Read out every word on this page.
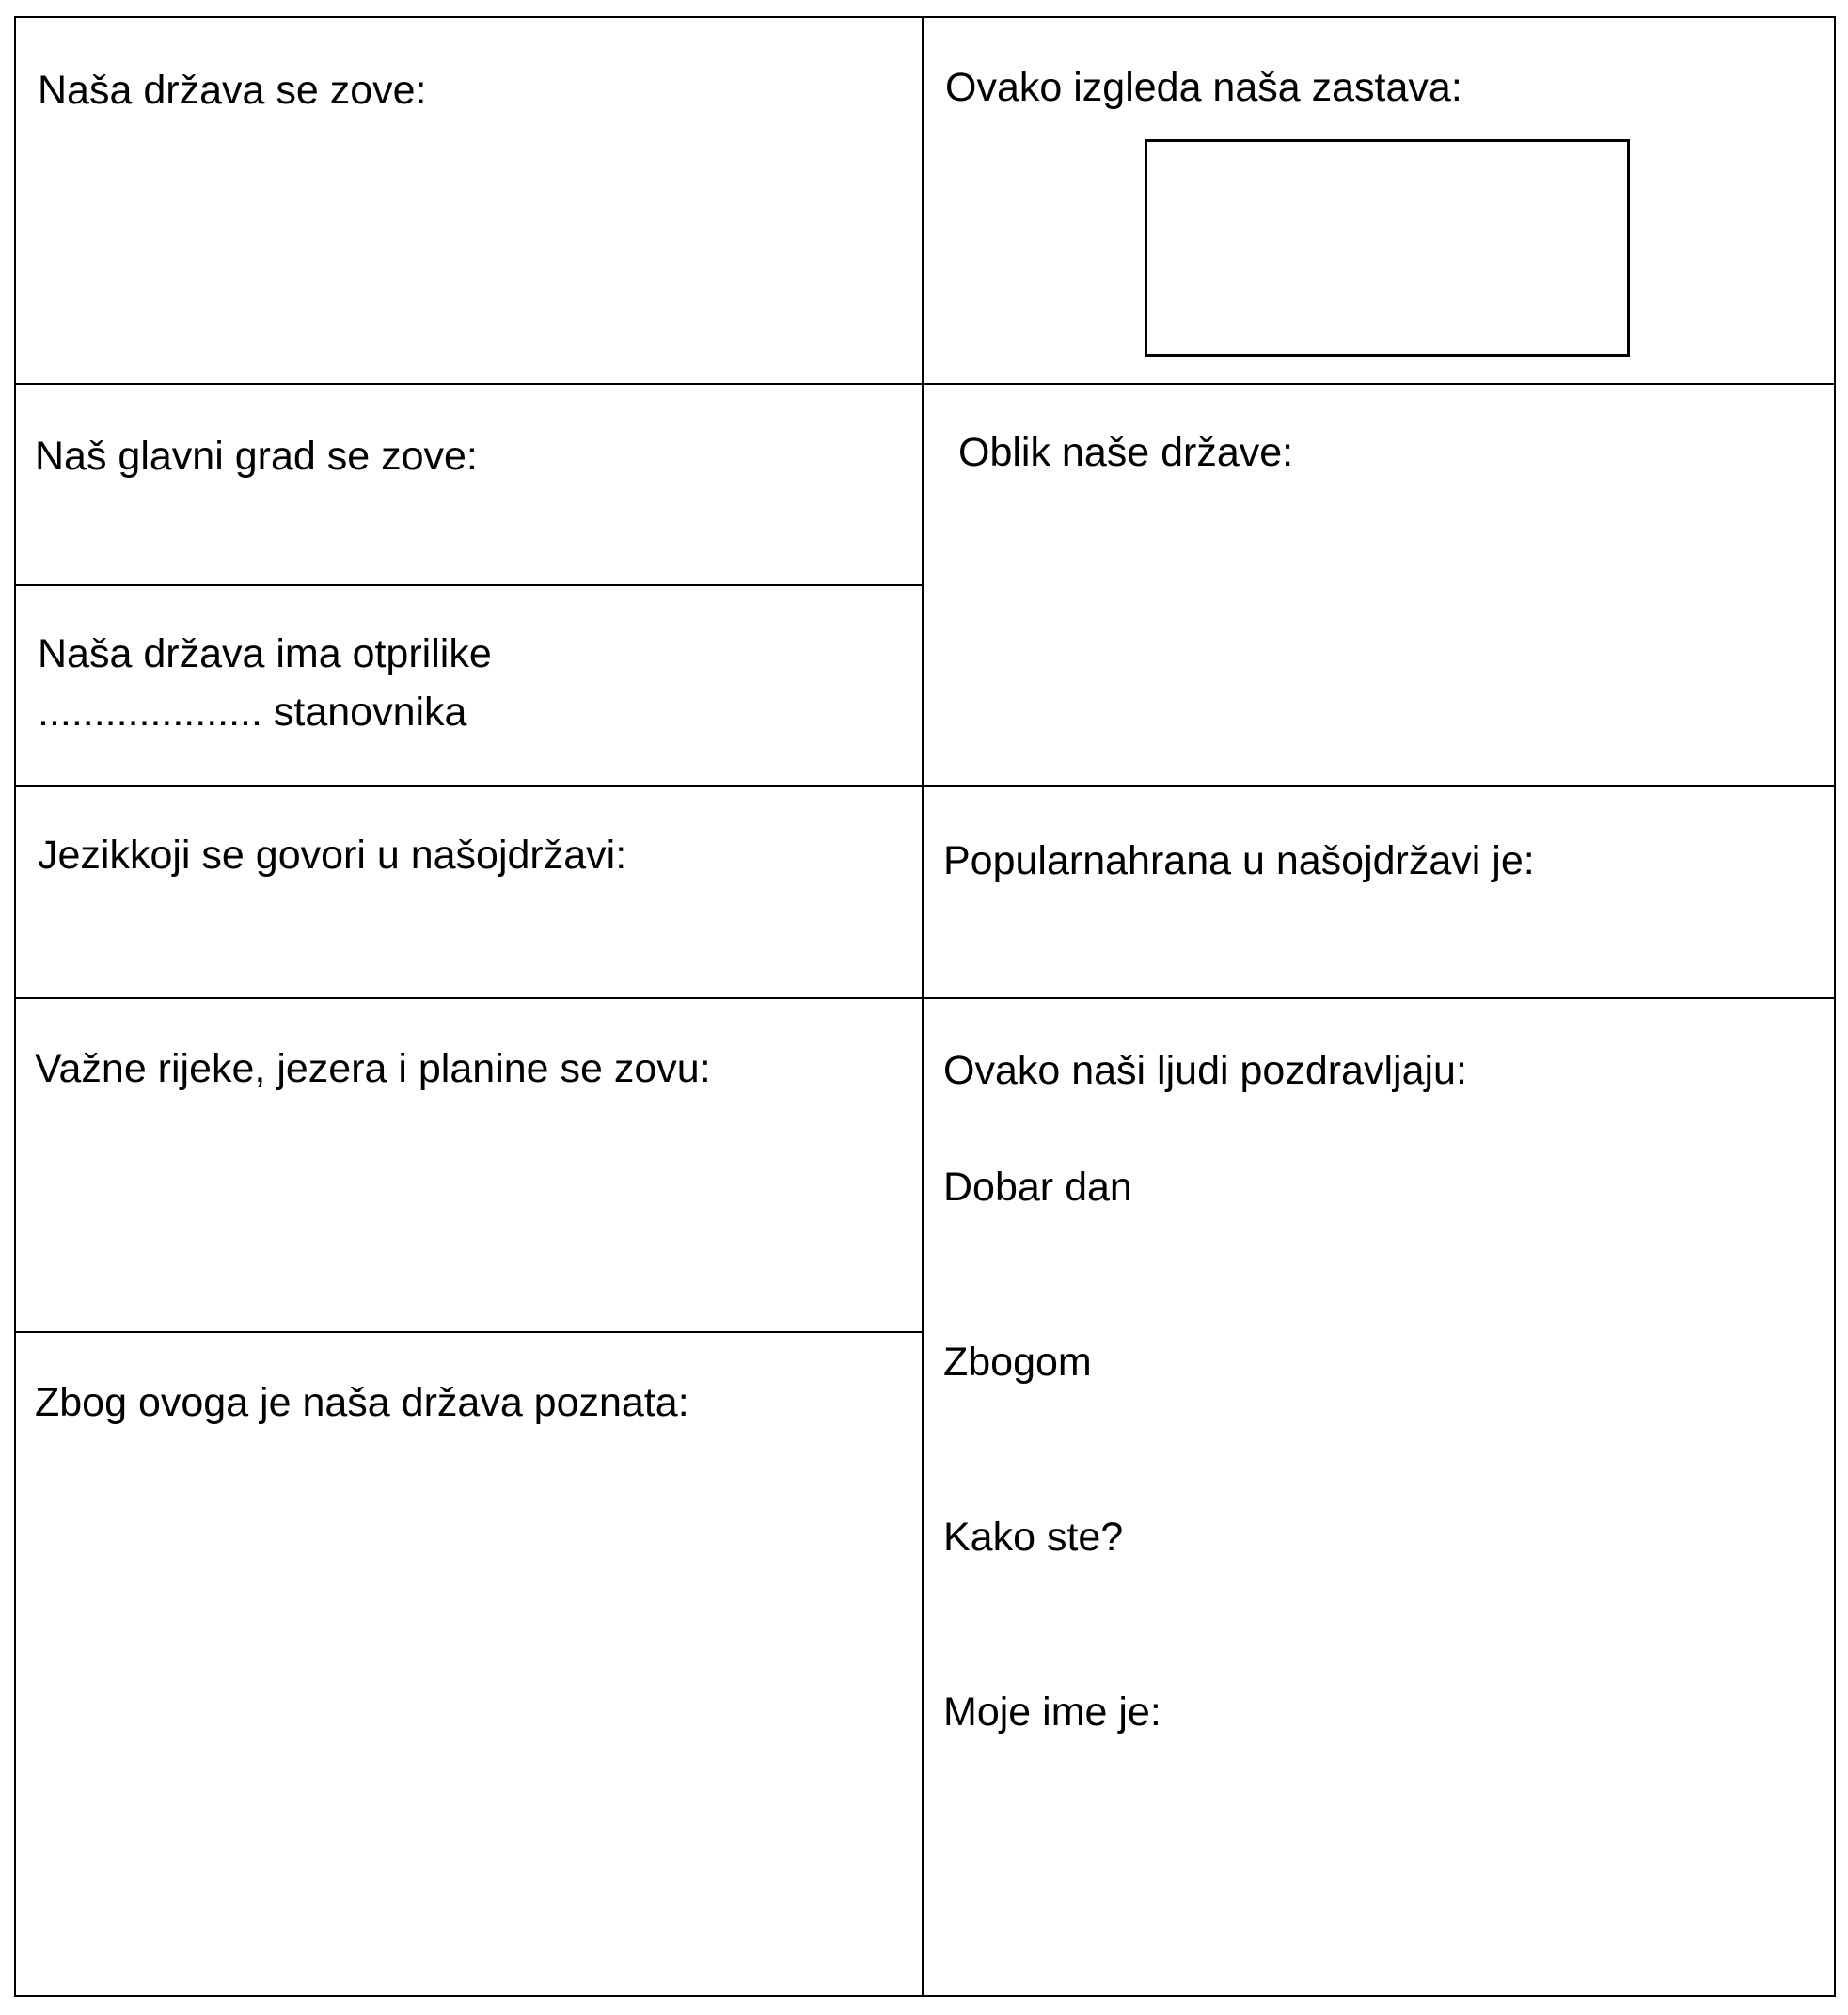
Naša država se zove:	Ovako izgleda naša zastava:
Naš glavni grad se zove:	Oblik naše države:
Naša država ima otprilike
.................... stanovnika
Jezikkoji se govori u našojdržavi:	Popularnahrana u našojdržavi je:
Važne rijeke, jezera i planine se zovu:	Ovako naši ljudi pozdravljaju:
Dobar dan
Zbogom
Kako ste?
Moje ime je:
Zbog ovoga je naša država poznata:
